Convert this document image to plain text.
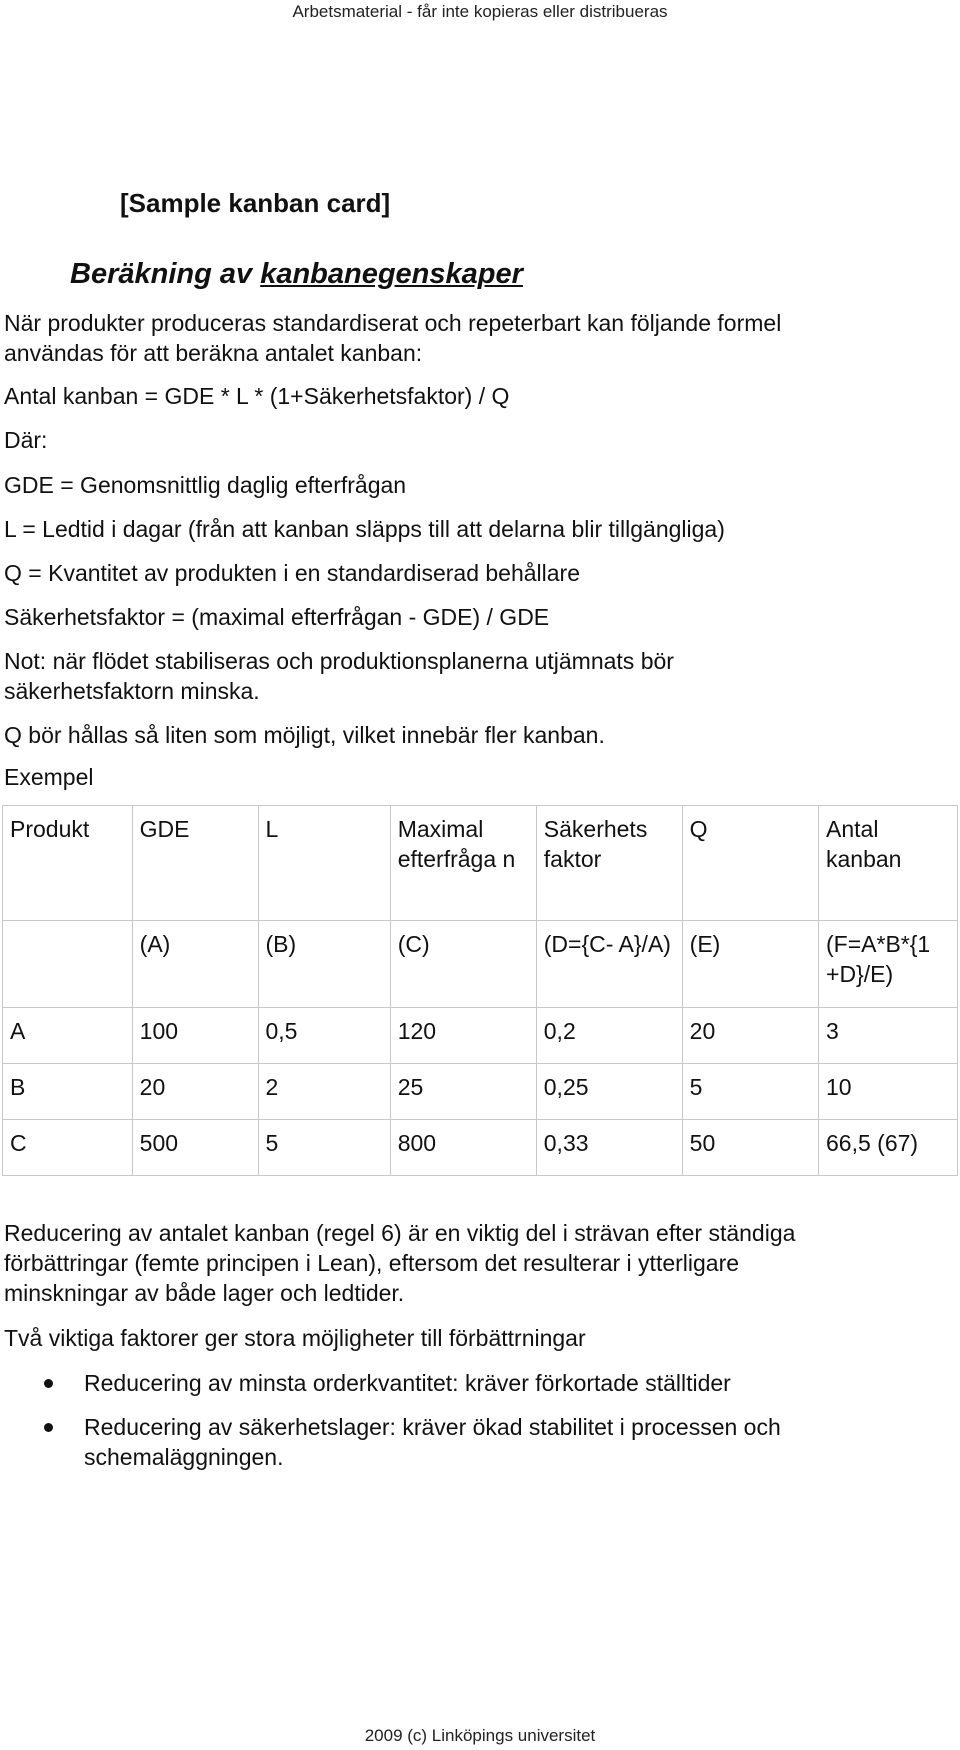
Arbetsmaterial - får inte kopieras eller distribueras
[Sample kanban card]
Beräkning av kanbanegenskaper
När produkter produceras standardiserat och repeterbart kan följande formel
användas för att beräkna antalet kanban:
Antal kanban = GDE * L * (1+Säkerhetsfaktor) / Q
Där:
GDE = Genomsnittlig daglig efterfrågan
L = Ledtid i dagar (från att kanban släpps till att delarna blir tillgängliga)
Q = Kvantitet av produkten i en standardiserad behållare
Säkerhetsfaktor = (maximal efterfrågan - GDE) / GDE
Not: när flödet stabiliseras och produktionsplanerna utjämnats bör
säkerhetsfaktorn minska.
Q bör hållas så liten som möjligt, vilket innebär fler kanban.
Exempel
Produkt	GDE	L	Maximal efterfråga n	Säkerhets faktor	Q	Antal kanban
	(A)	(B)	(C)	(D={C- A}/A)	(E)	(F=A*B*{1 +D}/E)
A	100	0,5	120	0,2	20	3
B	20	2	25	0,25	5	10
C	500	5	800	0,33	50	66,5 (67)
Reducering av antalet kanban (regel 6) är en viktig del i strävan efter ständiga
förbättringar (femte principen i Lean), eftersom det resulterar i ytterligare
minskningar av både lager och ledtider.
Två viktiga faktorer ger stora möjligheter till förbättrningar
Reducering av minsta orderkvantitet: kräver förkortade ställtider
Reducering av säkerhetslager: kräver ökad stabilitet i processen och
schemaläggningen.
2009 (c) Linköpings universitet
